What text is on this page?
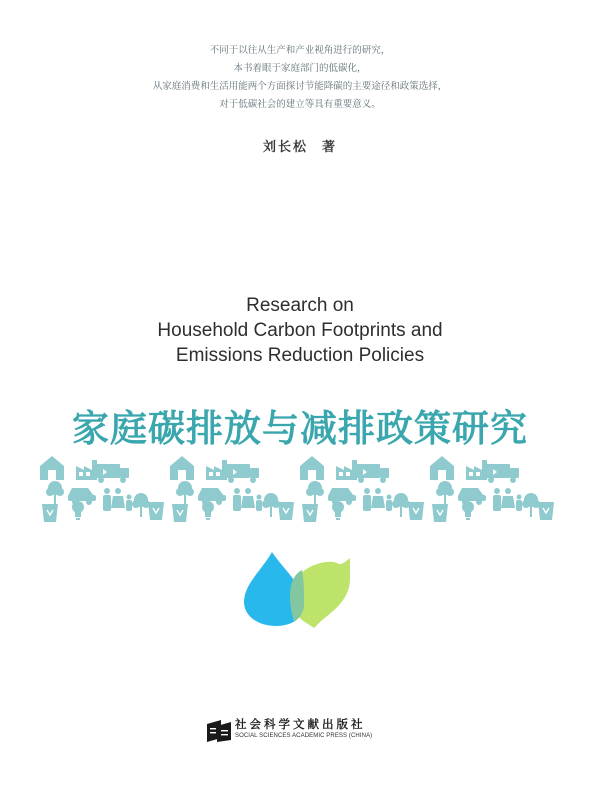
不同于以往从生产和产业视角进行的研究，
本书着眼于家庭部门的低碳化，
从家庭消费和生活用能两个方面探讨节能降碳的主要途径和政策选择，
对于低碳社会的建立等具有重要意义。
刘长松 著
Research on
Household Carbon Footprints and
Emissions Reduction Policies
家庭碳排放与减排政策研究
社会科学文献出版社
SOCIAL SCIENCES ACADEMIC PRESS (CHINA)
